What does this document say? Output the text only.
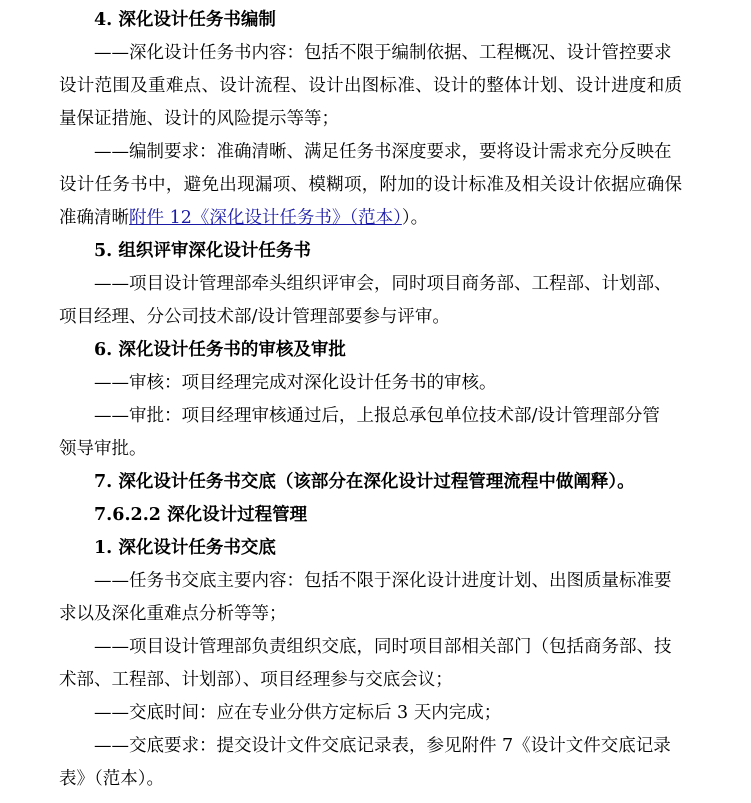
4. 深化设计任务书编制
——深化设计任务书内容：包括不限于编制依据、工程概况、设计管控要求
设计范围及重难点、设计流程、设计出图标准、设计的整体计划、设计进度和质
量保证措施、设计的风险提示等等；
——编制要求：准确清晰、满足任务书深度要求，要将设计需求充分反映在
设计任务书中，避免出现漏项、模糊项，附加的设计标准及相关设计依据应确保
准确清晰附件 12《深化设计任务书》（范本））。
5. 组织评审深化设计任务书
——项目设计管理部牵头组织评审会，同时项目商务部、工程部、计划部、
项目经理、分公司技术部/设计管理部要参与评审。
6. 深化设计任务书的审核及审批
——审核：项目经理完成对深化设计任务书的审核。
——审批：项目经理审核通过后，上报总承包单位技术部/设计管理部分管
领导审批。
7. 深化设计任务书交底（该部分在深化设计过程管理流程中做阐释）。
7.6.2.2 深化设计过程管理
1. 深化设计任务书交底
——任务书交底主要内容：包括不限于深化设计进度计划、出图质量标准要
求以及深化重难点分析等等；
——项目设计管理部负责组织交底，同时项目部相关部门（包括商务部、技
术部、工程部、计划部）、项目经理参与交底会议；
——交底时间：应在专业分供方定标后 3 天内完成；
——交底要求：提交设计文件交底记录表，参见附件 7《设计文件交底记录
表》（范本）。
